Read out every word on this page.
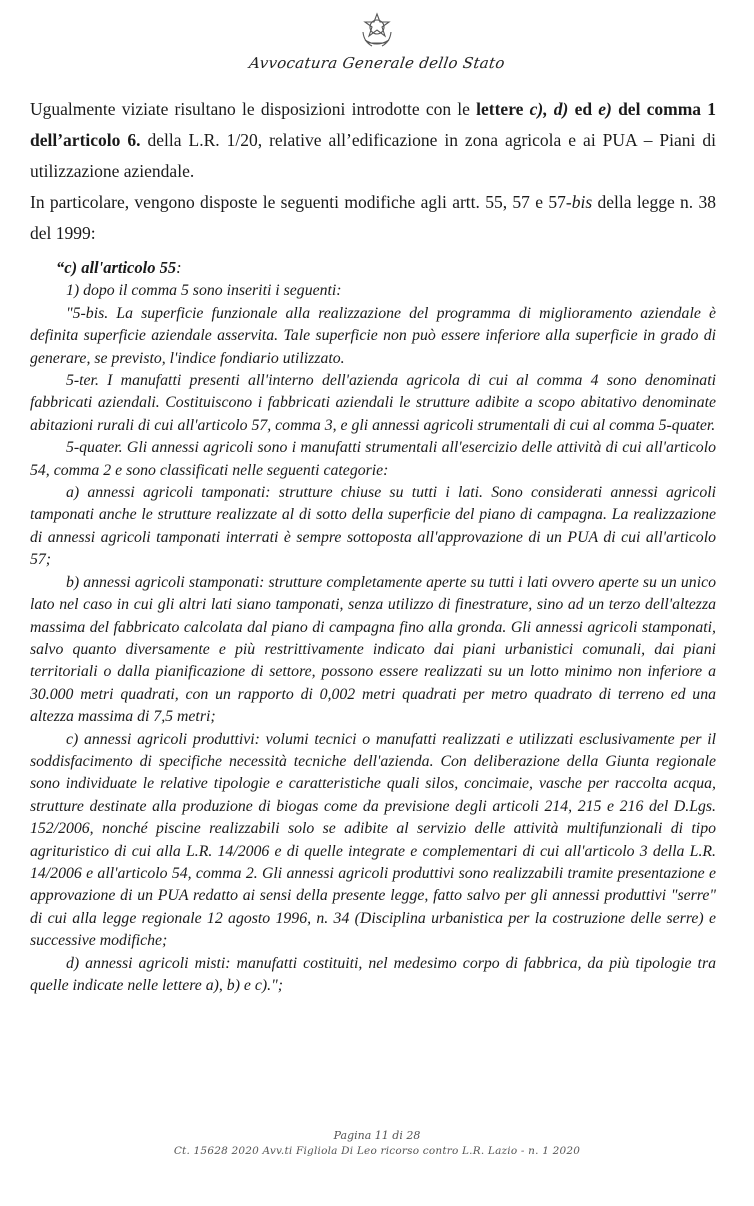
Avvocatura Generale dello Stato

Ugualmente viziate risultano le disposizioni introdotte con le lettere c), d) ed e) del comma 1 dell’articolo 6. della L.R. 1/20, relative all’edificazione in zona agricola e ai PUA – Piani di utilizzazione aziendale.

In particolare, vengono disposte le seguenti modifiche agli artt. 55, 57 e 57-bis della legge n. 38 del 1999:

“c) all'articolo 55:

1) dopo il comma 5 sono inseriti i seguenti:

"5-bis. La superficie funzionale alla realizzazione del programma di miglioramento aziendale è definita superficie aziendale asservita. Tale superficie non può essere inferiore alla superficie in grado di generare, se previsto, l'indice fondiario utilizzato.

5-ter. I manufatti presenti all'interno dell'azienda agricola di cui al comma 4 sono denominati fabbricati aziendali. Costituiscono i fabbricati aziendali le strutture adibite a scopo abitativo denominate abitazioni rurali di cui all'articolo 57, comma 3, e gli annessi agricoli strumentali di cui al comma 5-quater.

5-quater. Gli annessi agricoli sono i manufatti strumentali all'esercizio delle attività di cui all'articolo 54, comma 2 e sono classificati nelle seguenti categorie:

a) annessi agricoli tamponati: strutture chiuse su tutti i lati. Sono considerati annessi agricoli tamponati anche le strutture realizzate al di sotto della superficie del piano di campagna. La realizzazione di annessi agricoli tamponati interrati è sempre sottoposta all'approvazione di un PUA di cui all'articolo 57;

b) annessi agricoli stamponati: strutture completamente aperte su tutti i lati ovvero aperte su un unico lato nel caso in cui gli altri lati siano tamponati, senza utilizzo di finestrature, sino ad un terzo dell'altezza massima del fabbricato calcolata dal piano di campagna fino alla gronda. Gli annessi agricoli stamponati, salvo quanto diversamente e più restrittivamente indicato dai piani urbanistici comunali, dai piani territoriali o dalla pianificazione di settore, possono essere realizzati su un lotto minimo non inferiore a 30.000 metri quadrati, con un rapporto di 0,002 metri quadrati per metro quadrato di terreno ed una altezza massima di 7,5 metri;

c) annessi agricoli produttivi: volumi tecnici o manufatti realizzati e utilizzati esclusivamente per il soddisfacimento di specifiche necessità tecniche dell'azienda. Con deliberazione della Giunta regionale sono individuate le relative tipologie e caratteristiche quali silos, concimaie, vasche per raccolta acqua, strutture destinate alla produzione di biogas come da previsione degli articoli 214, 215 e 216 del D.Lgs. 152/2006, nonché piscine realizzabili solo se adibite al servizio delle attività multifunzionali di tipo agrituristico di cui alla L.R. 14/2006 e di quelle integrate e complementari di cui all'articolo 3 della L.R. 14/2006 e all'articolo 54, comma 2. Gli annessi agricoli produttivi sono realizzabili tramite presentazione e approvazione di un PUA redatto ai sensi della presente legge, fatto salvo per gli annessi produttivi "serre" di cui alla legge regionale 12 agosto 1996, n. 34 (Disciplina urbanistica per la costruzione delle serre) e successive modifiche;

d) annessi agricoli misti: manufatti costituiti, nel medesimo corpo di fabbrica, da più tipologie tra quelle indicate nelle lettere a), b) e c).";

Pagina 11 di 28
Ct. 15628 2020 Avv.ti Figliola Di Leo ricorso contro L.R. Lazio - n. 1 2020
